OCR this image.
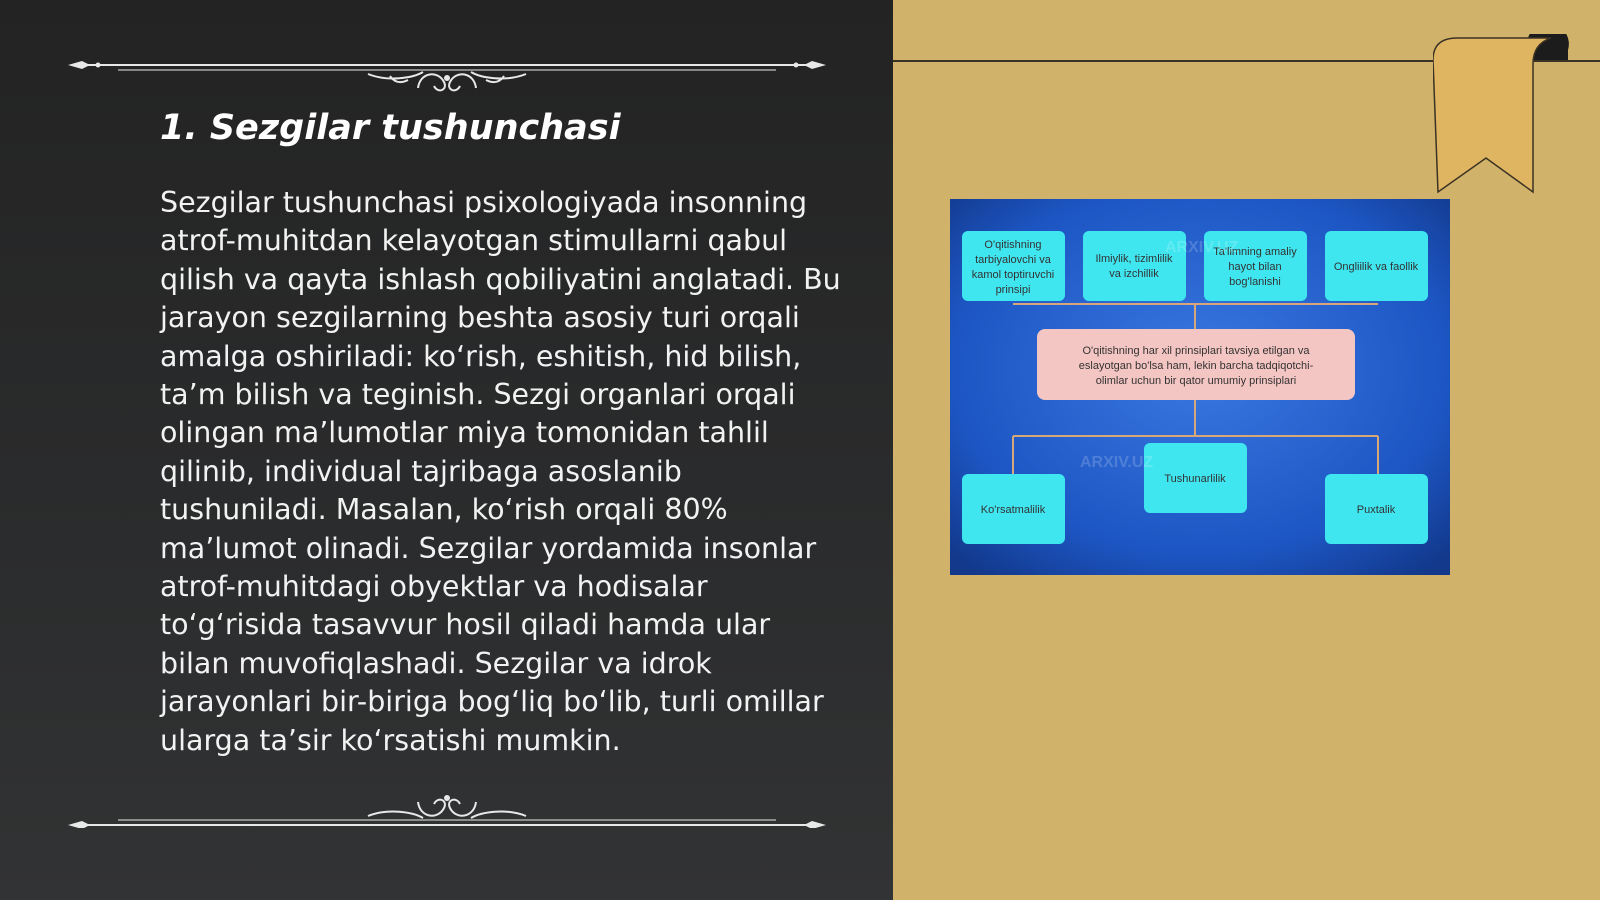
1. Sezgilar tushunchasi

Sezgilar tushunchasi psixologiyada insonning atrof-muhitdan kelayotgan stimullarni qabul qilish va qayta ishlash qobiliyatini anglatadi. Bu jarayon sezgilarning beshta asosiy turi orqali amalga oshiriladi: ko‘rish, eshitish, hid bilish, ta’m bilish va teginish. Sezgi organlari orqali olingan ma’lumotlar miya tomonidan tahlil qilinib, individual tajribaga asoslanib tushuniladi. Masalan, ko‘rish orqali 80% ma’lumot olinadi. Sezgilar yordamida insonlar atrof-muhitdagi obyektlar va hodisalar to‘g‘risida tasavvur hosil qiladi hamda ular bilan muvofiqlashadi. Sezgilar va idrok jarayonlari bir-biriga bog‘liq bo‘lib, turli omillar ularga ta’sir ko‘rsatishi mumkin.

O'qitishning tarbiyalovchi va kamol toptiruvchi prinsipi
Ilmiylik, tizimlilik va izchillik
Ta'limning amaliy hayot bilan bog'lanishi
Ongliilik va faollik
O'qitishning har xil prinsiplari tavsiya etilgan va eslayotgan bo'lsa ham, lekin barcha tadqiqotchi-olimlar uchun bir qator umumiy prinsiplari
Ko'rsatmalilik
Tushunarlilik
Puxtalik
ARXIV.UZ
ARXIV.UZ
